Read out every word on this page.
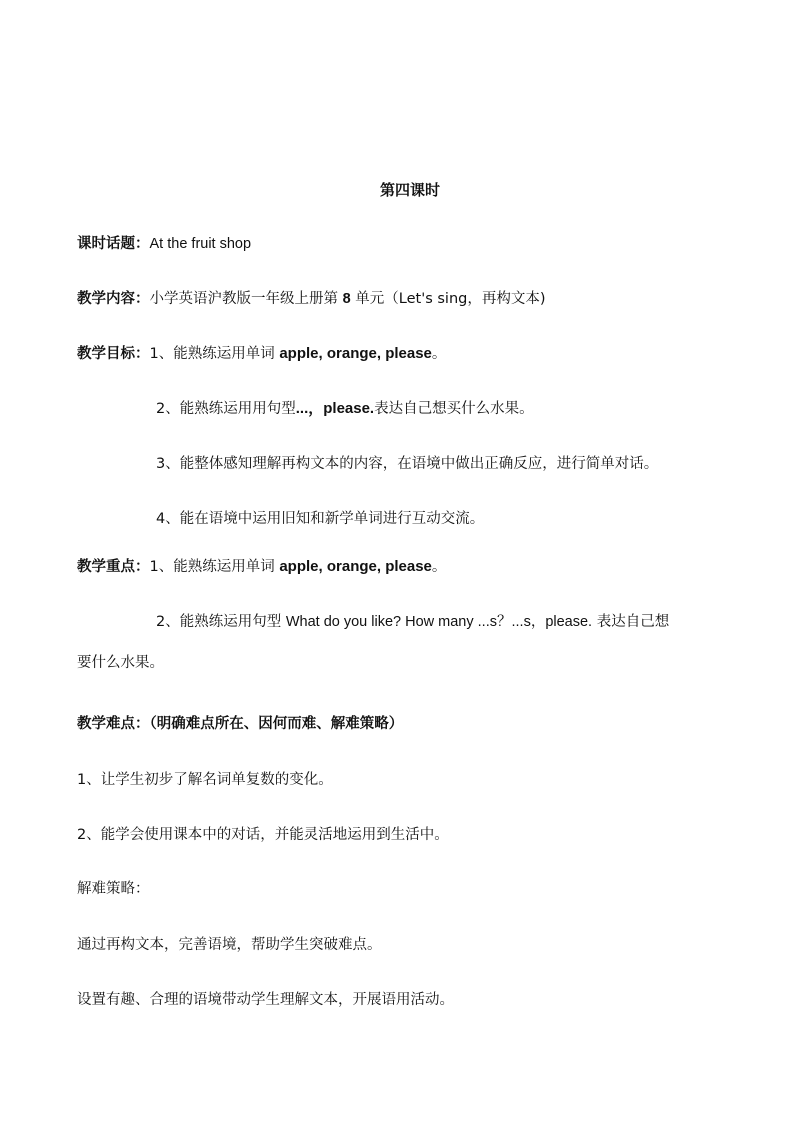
第四课时
课时话题：At the fruit shop
教学内容：小学英语沪教版一年级上册第 8 单元（Let's sing，再构文本)
教学目标：1、能熟练运用单词 apple, orange, please。
2、能熟练运用用句型...，please.表达自己想买什么水果。
3、能整体感知理解再构文本的内容，在语境中做出正确反应，进行简单对话。
4、能在语境中运用旧知和新学单词进行互动交流。
教学重点：1、能熟练运用单词 apple, orange, please。
2、能熟练运用句型 What do you like? How many ...s？...s，please. 表达自己想
要什么水果。
教学难点：（明确难点所在、因何而难、解难策略）
1、让学生初步了解名词单复数的变化。
2、能学会使用课本中的对话，并能灵活地运用到生活中。
解难策略：
通过再构文本，完善语境，帮助学生突破难点。
设置有趣、合理的语境带动学生理解文本，开展语用活动。
